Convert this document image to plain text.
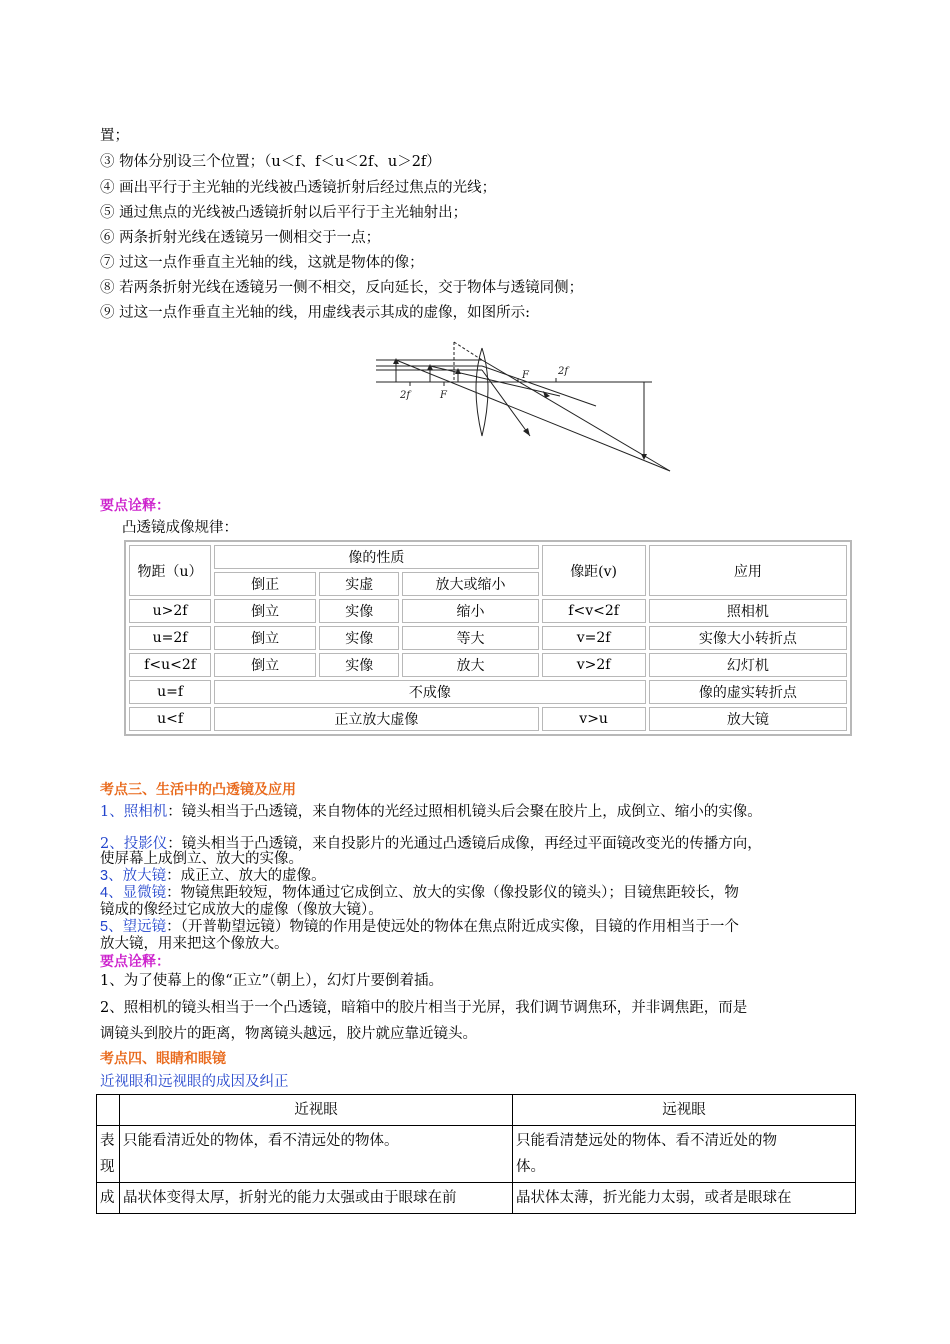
置；
③ 物体分别设三个位置；（u＜f、f＜u＜2f、u＞2f）
④ 画出平行于主光轴的光线被凸透镜折射后经过焦点的光线；
⑤ 通过焦点的光线被凸透镜折射以后平行于主光轴射出；
⑥ 两条折射光线在透镜另一侧相交于一点；
⑦ 过这一点作垂直主光轴的线，这就是物体的像；
⑧ 若两条折射光线在透镜另一侧不相交，反向延长，交于物体与透镜同侧；
⑨ 过这一点作垂直主光轴的线，用虚线表示其成的虚像，如图所示:
2f	F
F	2f
要点诠释：
凸透镜成像规律：
物距（u）	像的性质			像距(v)	应用
	倒正	实虚	放大或缩小		
u>2f	倒立	实像	缩小	f<v<2f	照相机
u=2f	倒立	实像	等大	v=2f	实像大小转折点
f<u<2f	倒立	实像	放大	v>2f	幻灯机
u=f	不成像				像的虚实转折点
u<f	正立放大虚像			v>u	放大镜
考点三、生活中的凸透镜及应用
1、照相机：镜头相当于凸透镜，来自物体的光经过照相机镜头后会聚在胶片上，成倒立、缩小的实像。
2、投影仪：镜头相当于凸透镜，来自投影片的光通过凸透镜后成像，再经过平面镜改变光的传播方向，
使屏幕上成倒立、放大的实像。
3、放大镜：成正立、放大的虚像。
4、显微镜：物镜焦距较短，物体通过它成倒立、放大的实像（像投影仪的镜头）；目镜焦距较长，物
镜成的像经过它成放大的虚像（像放大镜）。
5、望远镜：（开普勒望远镜）物镜的作用是使远处的物体在焦点附近成实像，目镜的作用相当于一个
放大镜，用来把这个像放大。
要点诠释：
1、为了使幕上的像“正立”（朝上），幻灯片要倒着插。
2、照相机的镜头相当于一个凸透镜，暗箱中的胶片相当于光屏，我们调节调焦环，并非调焦距，而是
调镜头到胶片的距离，物离镜头越远，胶片就应靠近镜头。
考点四、眼睛和眼镜
近视眼和远视眼的成因及纠正
	近视眼	远视眼
表
现	只能看清近处的物体，看不清远处的物体。	只能看清楚远处的物体、看不清近处的物
体。
成	晶状体变得太厚，折射光的能力太强或由于眼球在前	晶状体太薄，折光能力太弱，或者是眼球在
